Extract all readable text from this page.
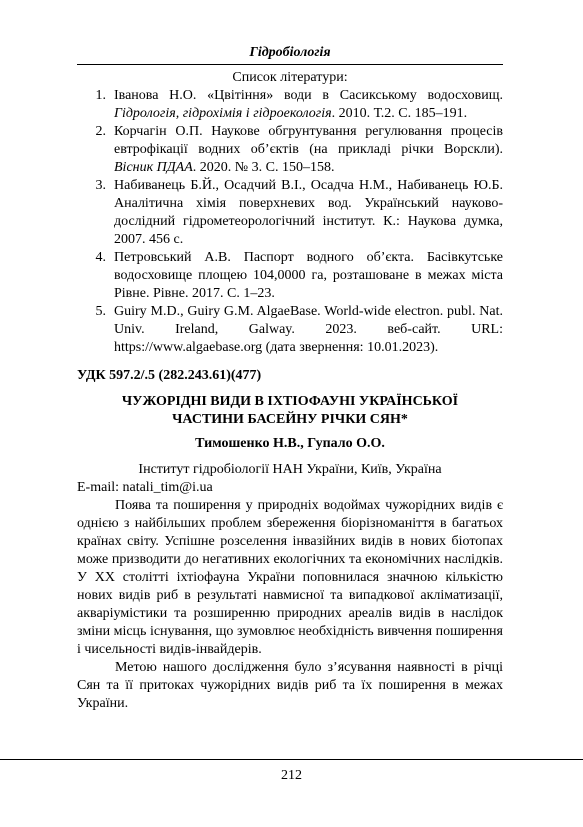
Гідробіологія
Список літератури:
1. Іванова Н.О. «Цвітіння» води в Сасикському водосховищ. Гідрологія, гідрохімія і гідроекологія. 2010. Т.2. С. 185–191.
2. Корчагін О.П. Наукове обгрунтування регулювання процесів евтрофікації водних об’єктів (на прикладі річки Ворскли). Вісник ПДАА. 2020. № 3. С. 150–158.
3. Набиванець Б.Й., Осадчий В.І., Осадча Н.М., Набиванець Ю.Б. Аналітична хімія поверхневих вод. Український науково-дослідний гідрометеорологічний інститут. К.: Наукова думка, 2007. 456 с.
4. Петровський А.В. Паспорт водного об’єкта. Басівкутське водосховище площею 104,0000 га, розташоване в межах міста Рівне. Рівне. 2017. С. 1–23.
5. Guiry M.D., Guiry G.M. AlgaeBase. World-wide electron. publ. Nat. Univ. Ireland, Galway. 2023. веб-сайт. URL: https://www.algaebase.org (дата звернення: 10.01.2023).
УДК 597.2/.5 (282.243.61)(477)
ЧУЖОРІДНІ ВИДИ В ІХТІОФАУНІ УКРАЇНСЬКОЇ
ЧАСТИНИ БАСЕЙНУ РІЧКИ СЯН*
Тимошенко Н.В., Гупало О.О.
Інститут гідробіології НАН України, Київ, Україна
E-mail: natali_tim@i.ua
Поява та поширення у природніх водоймах чужорідних видів є однією з найбільших проблем збереження біорізноманіття в багатьох країнах світу. Успішне розселення інвазійних видів в нових біотопах може призводити до негативних екологічних та економічних наслідків. У ХХ столітті іхтіофауна України поповнилася значною кількістю нових видів риб в результаті навмисної та випадкової акліматизації, акваріумістики та розширенню природних ареалів видів в наслідок зміни місць існування, що зумовлює необхідність вивчення поширення і чисельності видів-інвайдерів.
Метою нашого дослідження було з’ясування наявності в річці Сян та її притоках чужорідних видів риб та їх поширення в межах України.
212
